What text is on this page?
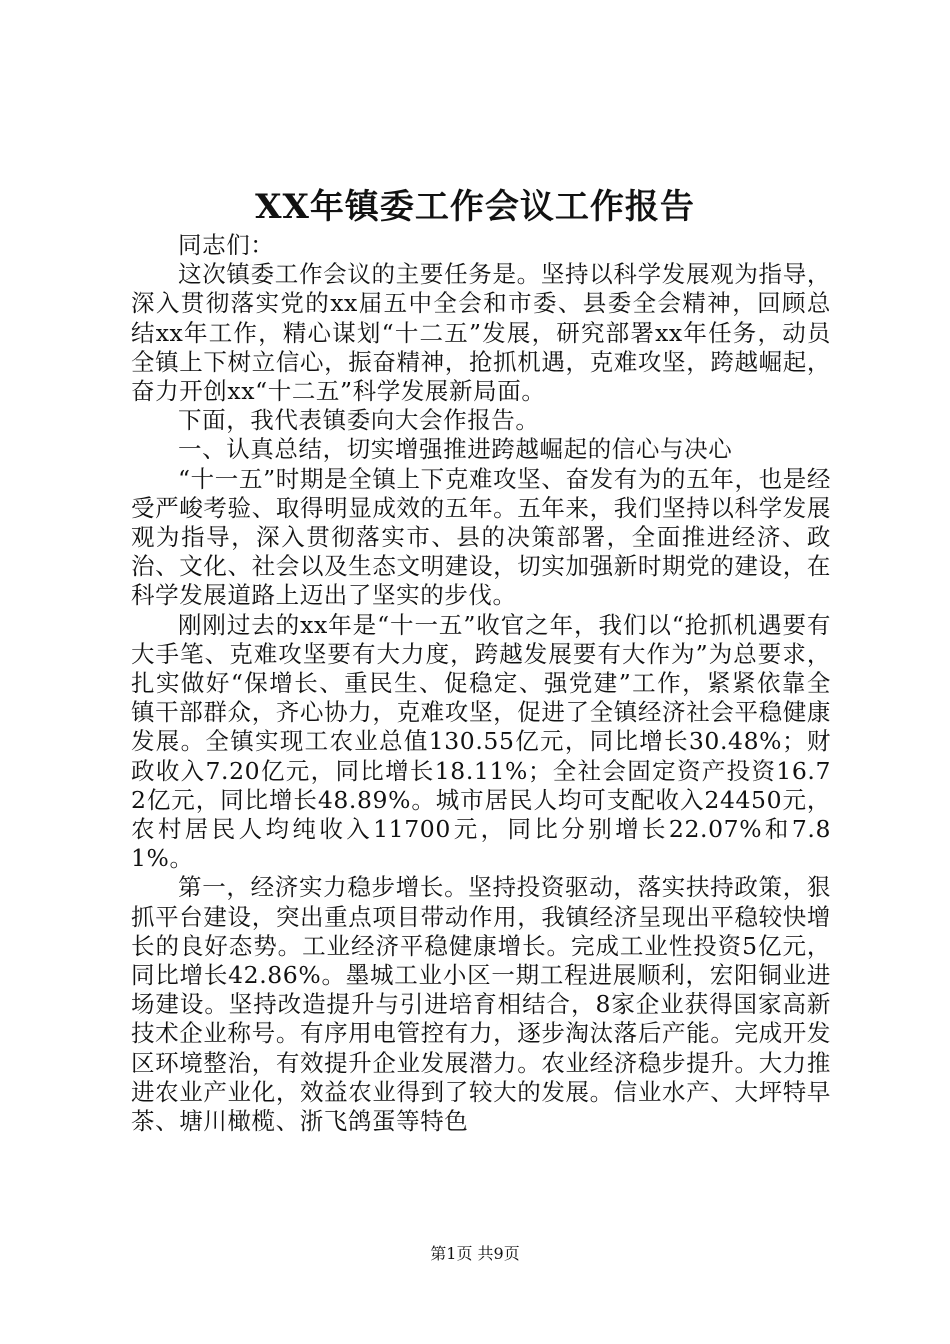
XX年镇委工作会议工作报告

同志们：

这次镇委工作会议的主要任务是。坚持以科学发展观为指导，深入贯彻落实党的xx届五中全会和市委、县委全会精神，回顾总结xx年工作，精心谋划“十二五”发展，研究部署xx年任务，动员全镇上下树立信心，振奋精神，抢抓机遇，克难攻坚，跨越崛起，奋力开创xx“十二五”科学发展新局面。

下面，我代表镇委向大会作报告。

一、认真总结，切实增强推进跨越崛起的信心与决心

“十一五”时期是全镇上下克难攻坚、奋发有为的五年，也是经受严峻考验、取得明显成效的五年。五年来，我们坚持以科学发展观为指导，深入贯彻落实市、县的决策部署，全面推进经济、政治、文化、社会以及生态文明建设，切实加强新时期党的建设，在科学发展道路上迈出了坚实的步伐。

刚刚过去的xx年是“十一五”收官之年，我们以“抢抓机遇要有大手笔、克难攻坚要有大力度，跨越发展要有大作为”为总要求，扎实做好“保增长、重民生、促稳定、强党建”工作，紧紧依靠全镇干部群众，齐心协力，克难攻坚，促进了全镇经济社会平稳健康发展。全镇实现工农业总值130.55亿元，同比增长30.48%；财政收入7.20亿元，同比增长18.11%；全社会固定资产投资16.72亿元，同比增长48.89%。城市居民人均可支配收入24450元，农村居民人均纯收入11700元，同比分别增长22.07%和7.81%。

第一，经济实力稳步增长。坚持投资驱动，落实扶持政策，狠抓平台建设，突出重点项目带动作用，我镇经济呈现出平稳较快增长的良好态势。工业经济平稳健康增长。完成工业性投资5亿元，同比增长42.86%。墨城工业小区一期工程进展顺利，宏阳铜业进场建设。坚持改造提升与引进培育相结合，8家企业获得国家高新技术企业称号。有序用电管控有力，逐步淘汰落后产能。完成开发区环境整治，有效提升企业发展潜力。农业经济稳步提升。大力推进农业产业化，效益农业得到了较大的发展。信业水产、大坪特早茶、塘川橄榄、浙飞鸽蛋等特色

第1页 共9页
